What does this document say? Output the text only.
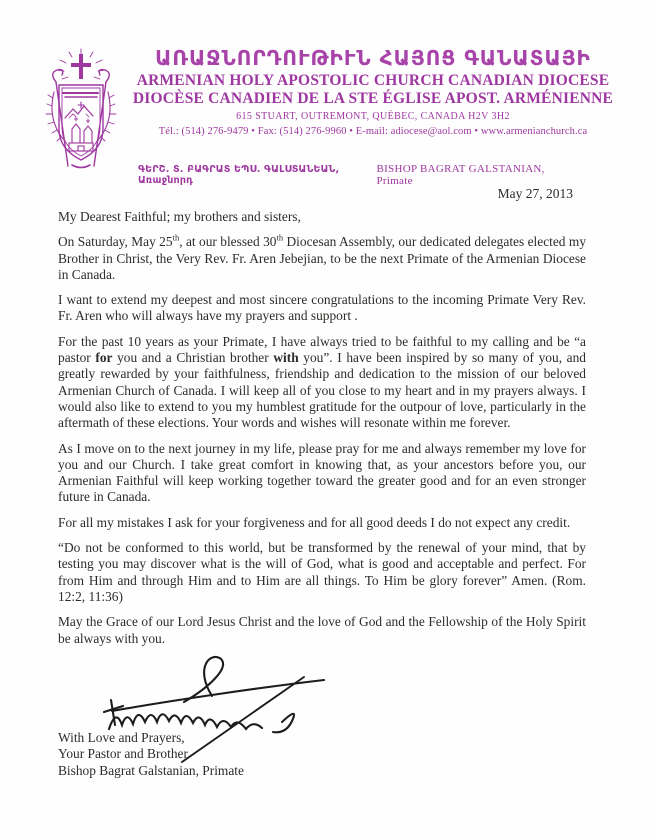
ԱՌԱՋՆՈՐԴՈՒԹԻՒՆ ՀԱՅՈՑ ԳԱՆԱՏԱՅԻ
ARMENIAN HOLY APOSTOLIC CHURCH CANADIAN DIOCESE
DIOCÈSE CANADIEN DE LA STE ÉGLISE APOST. ARMÉNIENNE
615 STUART, OUTREMONT, QUÉBEC, CANADA H2V 3H2
Tél.: (514) 276-9479 • Fax: (514) 276-9960 • E-mail: adiocese@aol.com • www.armenianchurch.ca
ԳԵՐՇ. Տ. ԲԱԳՐԱՏ ԵՊՍ. ԳԱԼՍՏԱՆԵԱՆ, Առաջնորդ
BISHOP BAGRAT GALSTANIAN, Primate
May 27, 2013

My Dearest Faithful; my brothers and sisters,

On Saturday, May 25th, at our blessed 30th Diocesan Assembly, our dedicated delegates elected my Brother in Christ, the Very Rev. Fr. Aren Jebejian, to be the next Primate of the Armenian Diocese in Canada.

I want to extend my deepest and most sincere congratulations to the incoming Primate Very Rev. Fr. Aren who will always have my prayers and support .

For the past 10 years as your Primate, I have always tried to be faithful to my calling and be “a pastor for you and a Christian brother with you”. I have been inspired by so many of you, and greatly rewarded by your faithfulness, friendship and dedication to the mission of our beloved Armenian Church of Canada. I will keep all of you close to my heart and in my prayers always. I would also like to extend to you my humblest gratitude for the outpour of love, particularly in the aftermath of these elections. Your words and wishes will resonate within me forever.

As I move on to the next journey in my life, please pray for me and always remember my love for you and our Church. I take great comfort in knowing that, as your ancestors before you, our Armenian Faithful will keep working together toward the greater good and for an even stronger future in Canada.

For all my mistakes I ask for your forgiveness and for all good deeds I do not expect any credit.

“Do not be conformed to this world, but be transformed by the renewal of your mind, that by testing you may discover what is the will of God, what is good and acceptable and perfect. For from Him and through Him and to Him are all things. To Him be glory forever” Amen. (Rom. 12:2, 11:36)

May the Grace of our Lord Jesus Christ and the love of God and the Fellowship of the Holy Spirit be always with you.

With Love and Prayers,
Your Pastor and Brother
Bishop Bagrat Galstanian, Primate
